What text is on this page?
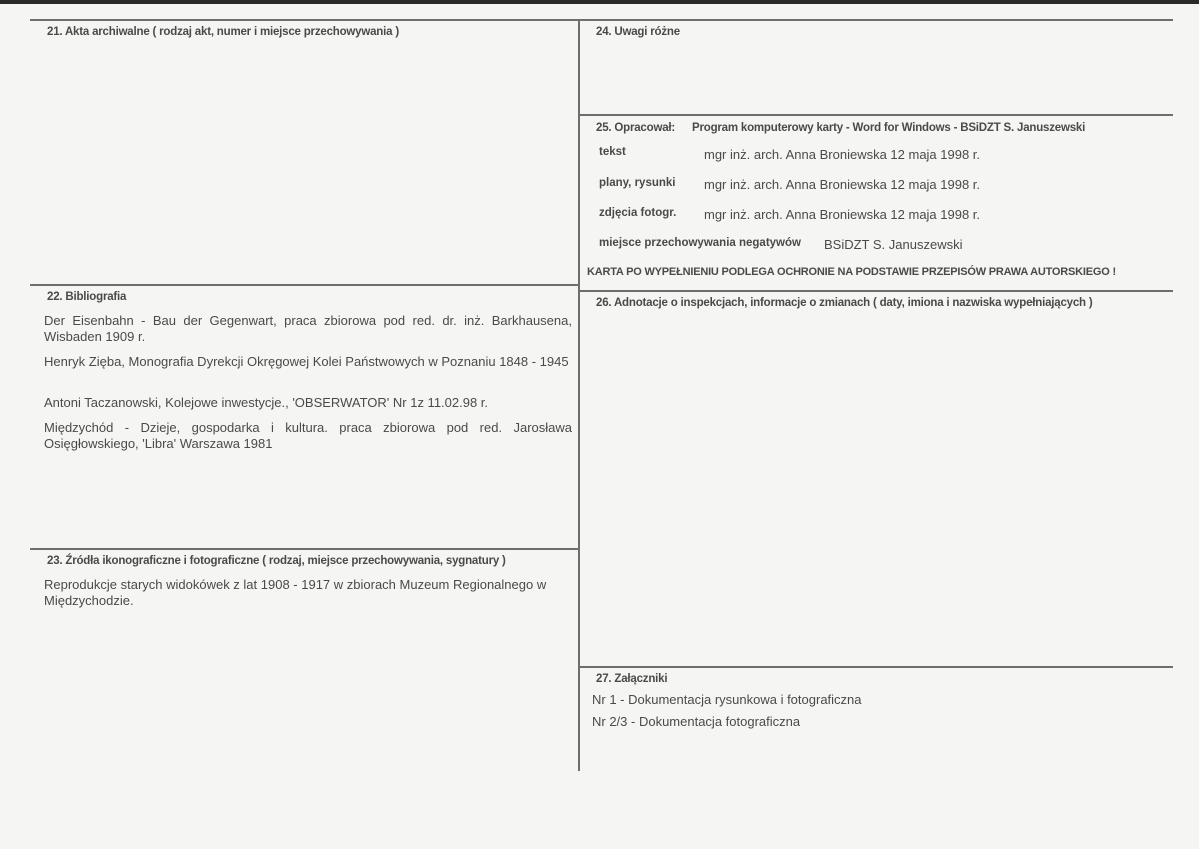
21. Akta archiwalne ( rodzaj akt, numer i miejsce przechowywania )
22. Bibliografia
Der Eisenbahn - Bau der Gegenwart, praca zbiorowa pod red. dr. inż. Barkhausena, Wisbaden 1909 r.
Henryk Zięba, Monografia Dyrekcji Okręgowej Kolei Państwowych w Poznaniu 1848 - 1945
Antoni Taczanowski, Kolejowe inwestycje., 'OBSERWATOR' Nr 1z 11.02.98 r.
Międzychód - Dzieje, gospodarka i kultura. praca zbiorowa pod red. Jarosława Osięgłowskiego, 'Libra' Warszawa 1981
23. Źródła ikonograficzne i fotograficzne ( rodzaj, miejsce przechowywania, sygnatury )
Reprodukcje starych widokówek z lat 1908 - 1917 w zbiorach Muzeum Regionalnego w Międzychodzie.
24. Uwagi różne
25. Opracował: Program komputerowy karty - Word for Windows - BSiDZT S. Januszewski
tekst	mgr inż. arch. Anna Broniewska 12 maja 1998 r.
plany, rysunki mgr inż. arch. Anna Broniewska 12 maja 1998 r.
zdjęcia fotogr. mgr inż. arch. Anna Broniewska 12 maja 1998 r.
miejsce przechowywania negatywów BSiDZT S. Januszewski
KARTA PO WYPEŁNIENIU PODLEGA OCHRONIE NA PODSTAWIE PRZEPISÓW PRAWA AUTORSKIEGO !
26. Adnotacje o inspekcjach, informacje o zmianach ( daty, imiona i nazwiska wypełniających )
27. Załączniki
Nr 1 - Dokumentacja rysunkowa i fotograficzna
Nr 2/3 - Dokumentacja fotograficzna
